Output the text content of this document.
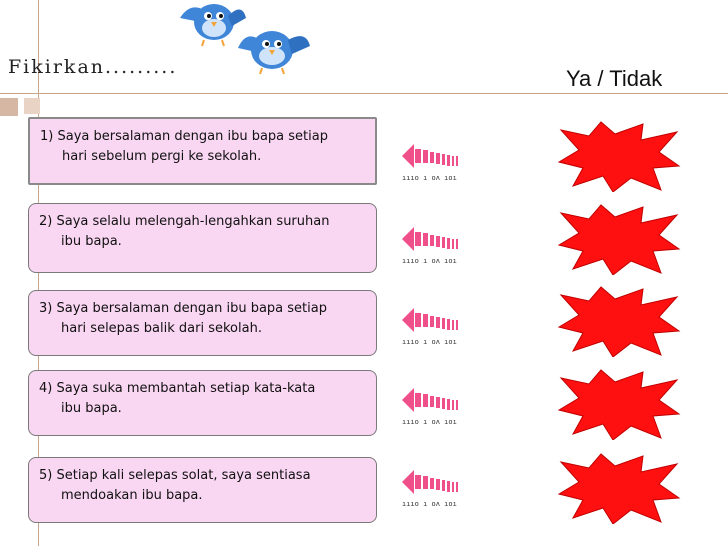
Fikirkan.........	Ya / Tidak
1) Saya bersalaman dengan ibu bapa setiap
hari sebelum pergi ke sekolah.
2) Saya selalu melengah-lengahkan suruhan
ibu bapa.
3) Saya bersalaman dengan ibu bapa setiap
hari selepas balik dari sekolah.
4) Saya suka membantah setiap kata-kata
ibu bapa.
5) Setiap kali selepas solat, saya sentiasa
mendoakan ibu bapa.
ıııo ı oʌ ıoı
ıııo ı oʌ ıoı
ıııo ı oʌ ıoı
ıııo ı oʌ ıoı
ıııo ı oʌ ıoı
